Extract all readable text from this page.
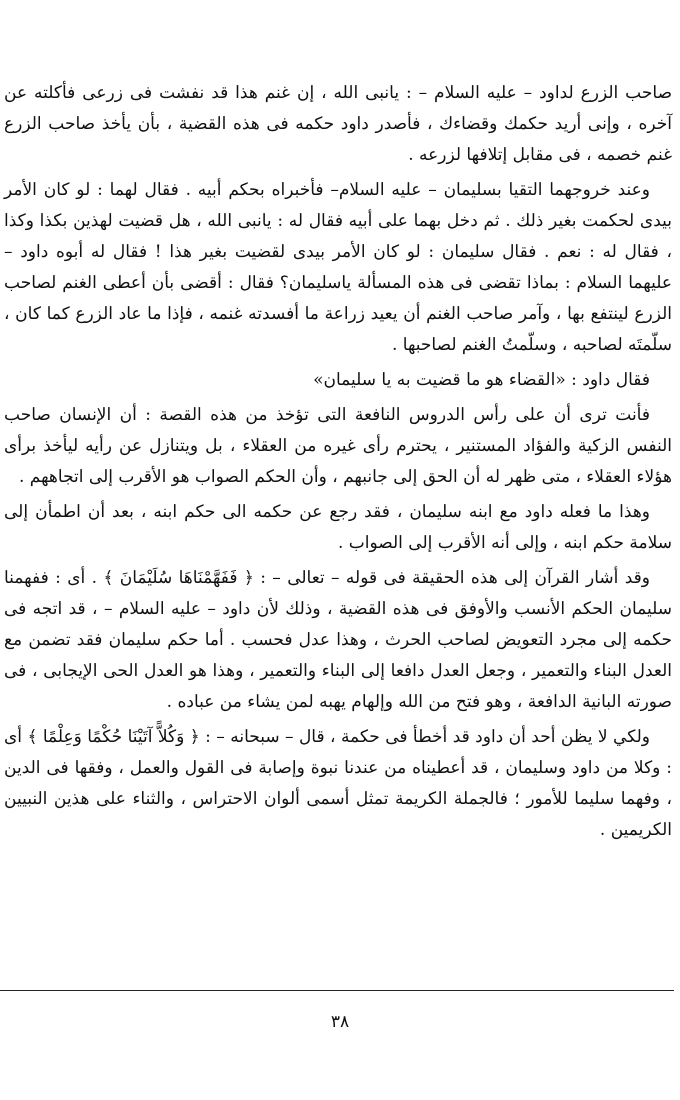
صاحب الزرع لداود – عليه السلام – : يانبى الله ، إن غنم هذا قد نفشت فى زرعى فأكلته عن آخره ، وإنى أريد حكمك وقضاءك ، فأصدر داود حكمه فى هذه القضية ، بأن يأخذ صاحب الزرع غنم خصمه ، فى مقابل إتلافها لزرعه .

وعند خروجهما التقيا بسليمان – عليه السلام– فأخبراه بحكم أبيه . فقال لهما : لو كان الأمر بيدى لحكمت بغير ذلك . ثم دخل بهما على أبيه فقال له : يانبى الله ، هل قضيت لهذين بكذا وكذا ، فقال له : نعم . فقال سليمان : لو كان الأمر بيدى لقضيت بغير هذا ! فقال له أبوه داود – عليهما السلام : بماذا تقضى فى هذه المسألة ياسليمان؟ فقال : أقضى بأن أعطى الغنم لصاحب الزرع لينتفع بها ، وآمر صاحب الغنم أن يعيد زراعة ما أفسدته غنمه ، فإذا ما عاد الزرع كما كان ، سلّمتَه لصاحبه ، وسلّمتُ الغنم لصاحبها .

فقال داود : «القضاء هو ما قضيت به يا سليمان»

فأنت ترى أن على رأس الدروس النافعة التى تؤخذ من هذه القصة : أن الإنسان صاحب النفس الزكية والفؤاد المستنير ، يحترم رأى غيره من العقلاء ، بل ويتنازل عن رأيه ليأخذ برأى هؤلاء العقلاء ، متى ظهر له أن الحق إلى جانبهم ، وأن الحكم الصواب هو الأقرب إلى اتجاههم .

وهذا ما فعله داود مع ابنه سليمان ، فقد رجع عن حكمه الى حكم ابنه ، بعد أن اطمأن إلى سلامة حكم ابنه ، وإلى أنه الأقرب إلى الصواب .

وقد أشار القرآن إلى هذه الحقيقة فى قوله – تعالى – : ﴿ فَفَهَّمْنَاهَا سُلَيْمَانَ ﴾ . أى : ففهمنا سليمان الحكم الأنسب والأوفق فى هذه القضية ، وذلك لأن داود – عليه السلام – ، قد اتجه فى حكمه إلى مجرد التعويض لصاحب الحرث ، وهذا عدل فحسب . أما حكم سليمان فقد تضمن مع العدل البناء والتعمير ، وجعل العدل دافعا إلى البناء والتعمير ، وهذا هو العدل الحى الإيجابى ، فى صورته البانية الدافعة ، وهو فتح من الله وإلهام يهبه لمن يشاء من عباده .

ولكي لا يظن أحد أن داود قد أخطأ فى حكمة ، قال – سبحانه – : ﴿ وَكُلاًّ آتَيْنَا حُكْمًا وَعِلْمًا ﴾ أى : وكلا من داود وسليمان ، قد أعطيناه من عندنا نبوة وإصابة فى القول والعمل ، وفقها فى الدين ، وفهما سليما للأمور ؛ فالجملة الكريمة تمثل أسمى ألوان الاحتراس ، والثناء على هذين النبيين الكريمين .

٣٨
